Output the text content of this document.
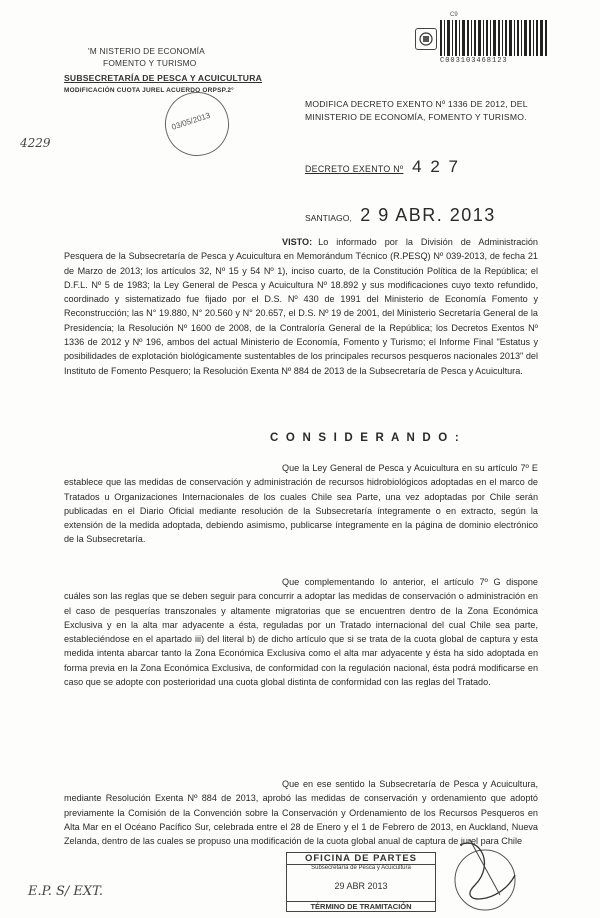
'M NISTERIO DE ECONOMÍA
FOMENTO Y TURISMO
SUBSECRETARÍA DE PESCA Y ACUICULTURA
MODIFICACIÓN CUOTA JUREL ACUERDO ORPSP.2°
03/05/2013
4229
C9
C003103468123
MODIFICA DECRETO EXENTO Nº 1336 DE 2012, DEL MINISTERIO DE ECONOMÍA, FOMENTO Y TURISMO.
DECRETO EXENTO Nº 4 2 7
SANTIAGO, 2 9 ABR. 2013
VISTO: Lo informado por la División de Administración Pesquera de la Subsecretaría de Pesca y Acuicultura en Memorándum Técnico (R.PESQ) Nº 039-2013, de fecha 21 de Marzo de 2013; los artículos 32, Nº 15 y 54 Nº 1), inciso cuarto, de la Constitución Política de la República; el D.F.L. Nº 5 de 1983; la Ley General de Pesca y Acuicultura Nº 18.892 y sus modificaciones cuyo texto refundido, coordinado y sistematizado fue fijado por el D.S. Nº 430 de 1991 del Ministerio de Economía Fomento y Reconstrucción; las N° 19.880, N° 20.560 y N° 20.657, el D.S. Nº 19 de 2001, del Ministerio Secretaría General de la Presidencia; la Resolución Nº 1600 de 2008, de la Contraloría General de la República; los Decretos Exentos Nº 1336 de 2012 y Nº 196, ambos del actual Ministerio de Economía, Fomento y Turismo; el Informe Final "Estatus y posibilidades de explotación biológicamente sustentables de los principales recursos pesqueros nacionales 2013" del Instituto de Fomento Pesquero; la Resolución Exenta Nº 884 de 2013 de la Subsecretaría de Pesca y Acuicultura.
C O N S I D E R A N D O :
Que la Ley General de Pesca y Acuicultura en su artículo 7º E establece que las medidas de conservación y administración de recursos hidrobiológicos adoptadas en el marco de Tratados u Organizaciones Internacionales de los cuales Chile sea Parte, una vez adoptadas por Chile serán publicadas en el Diario Oficial mediante resolución de la Subsecretaría íntegramente o en extracto, según la extensión de la medida adoptada, debiendo asimismo, publicarse íntegramente en la página de dominio electrónico de la Subsecretaría.
Que complementando lo anterior, el artículo 7º G dispone cuáles son las reglas que se deben seguir para concurrir a adoptar las medidas de conservación o administración en el caso de pesquerías transzonales y altamente migratorias que se encuentren dentro de la Zona Económica Exclusiva y en la alta mar adyacente a ésta, reguladas por un Tratado internacional del cual Chile sea parte, estableciéndose en el apartado iii) del literal b) de dicho artículo que si se trata de la cuota global de captura y esta medida intenta abarcar tanto la Zona Económica Exclusiva como el alta mar adyacente y ésta ha sido adoptada en forma previa en la Zona Económica Exclusiva, de conformidad con la regulación nacional, ésta podrá modificarse en caso que se adopte con posterioridad una cuota global distinta de conformidad con las reglas del Tratado.
Que en ese sentido la Subsecretaría de Pesca y Acuicultura, mediante Resolución Exenta Nº 884 de 2013, aprobó las medidas de conservación y ordenamiento que adoptó previamente la Comisión de la Convención sobre la Conservación y Ordenamiento de los Recursos Pesqueros en Alta Mar en el Océano Pacífico Sur, celebrada entre el 28 de Enero y el 1 de Febrero de 2013, en Auckland, Nueva Zelanda, dentro de las cuales se propuso una modificación de la cuota global anual de captura de jurel para Chile
OFICINA DE PARTES
Subsecretaría de Pesca y Acuicultura
29 ABR 2013
TÉRMINO DE TRAMITACIÓN
E.P. S/ EXT.
